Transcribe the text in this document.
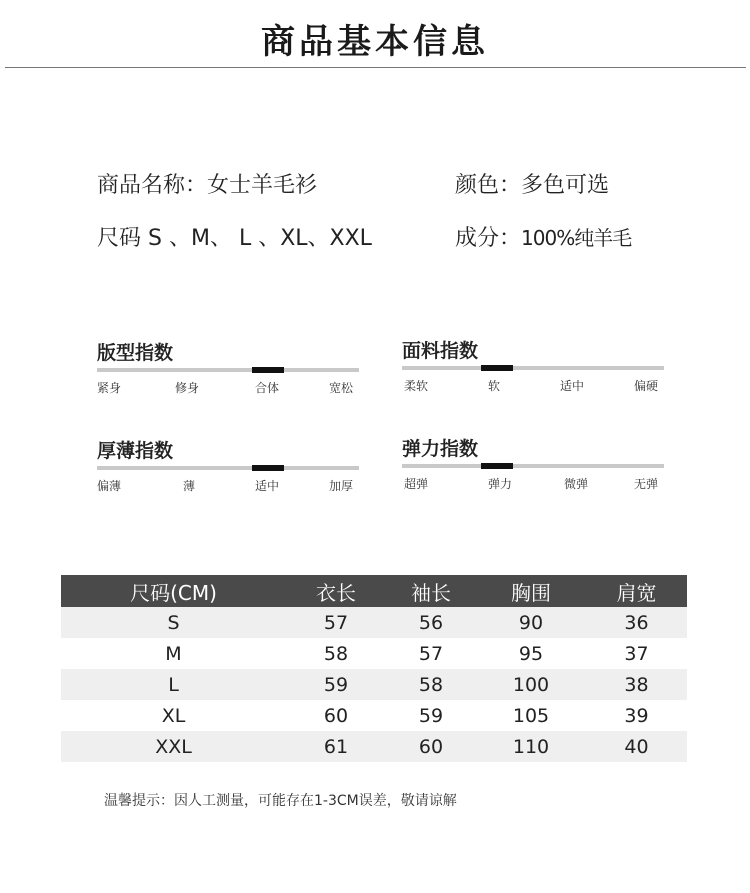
商品基本信息
商品名称：女士羊毛衫	颜色：多色可选
尺码 S 、M、 L 、XL、XXL	成分：100%纯羊毛
版型指数
紧身	修身	合体	宽松
面料指数
柔软	软	适中	偏硬
厚薄指数
偏薄	薄	适中	加厚
弹力指数
超弹	弹力	微弹	无弹
尺码(CM)	衣长	袖长	胸围	肩宽
S	57	56	90	36
M	58	57	95	37
L	59	58	100	38
XL	60	59	105	39
XXL	61	60	110	40
温馨提示：因人工测量，可能存在1-3CM误差，敬请谅解
